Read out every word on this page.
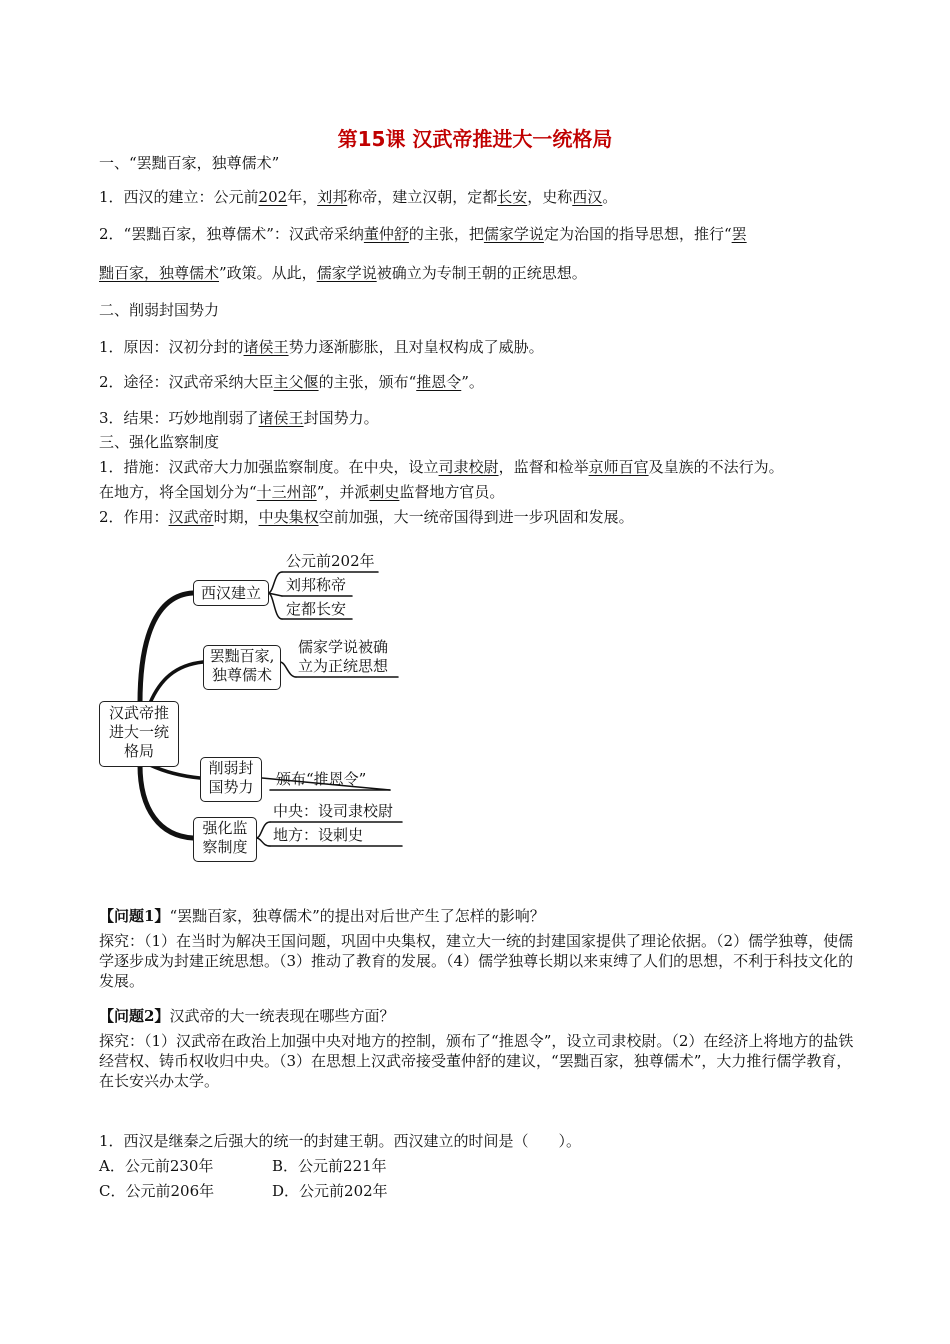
第15课 汉武帝推进大一统格局
一、“罢黜百家，独尊儒术”
1．西汉的建立：公元前202年，刘邦称帝，建立汉朝，定都长安，史称西汉。
2．“罢黜百家，独尊儒术”：汉武帝采纳董仲舒的主张，把儒家学说定为治国的指导思想，推行“罢
黜百家，独尊儒术”政策。从此，儒家学说被确立为专制王朝的正统思想。
二、削弱封国势力
1．原因：汉初分封的诸侯王势力逐渐膨胀，且对皇权构成了威胁。
2．途径：汉武帝采纳大臣主父偃的主张，颁布“推恩令”。
3．结果：巧妙地削弱了诸侯王封国势力。
三、强化监察制度
1．措施：汉武帝大力加强监察制度。在中央，设立司隶校尉，监督和检举京师百官及皇族的不法行为。
在地方，将全国划分为“十三州部”，并派刺史监督地方官员。
2．作用：汉武帝时期，中央集权空前加强，大一统帝国得到进一步巩固和发展。
汉武帝推
进大一统
格局
西汉建立
公元前202年
刘邦称帝
定都长安
罢黜百家,
独尊儒术
儒家学说被确
立为正统思想
削弱封
国势力	颁布“推恩令”
强化监
察制度
中央：设司隶校尉
地方：设刺史
【问题1】“罢黜百家，独尊儒术”的提出对后世产生了怎样的影响？
探究：（1）在当时为解决王国问题，巩固中央集权，建立大一统的封建国家提供了理论依据。（2）儒学独尊，使儒学逐步成为封建正统思想。（3）推动了教育的发展。（4）儒学独尊长期以来束缚了人们的思想，不利于科技文化的发展。
【问题2】汉武帝的大一统表现在哪些方面？
探究：（1）汉武帝在政治上加强中央对地方的控制，颁布了“推恩令”，设立司隶校尉。（2）在经济上将地方的盐铁经营权、铸币权收归中央。（3）在思想上汉武帝接受董仲舒的建议，“罢黜百家，独尊儒术”，大力推行儒学教育，在长安兴办太学。
1．西汉是继秦之后强大的统一的封建王朝。西汉建立的时间是（　　）。
A．公元前230年	B．公元前221年
C．公元前206年	D．公元前202年
